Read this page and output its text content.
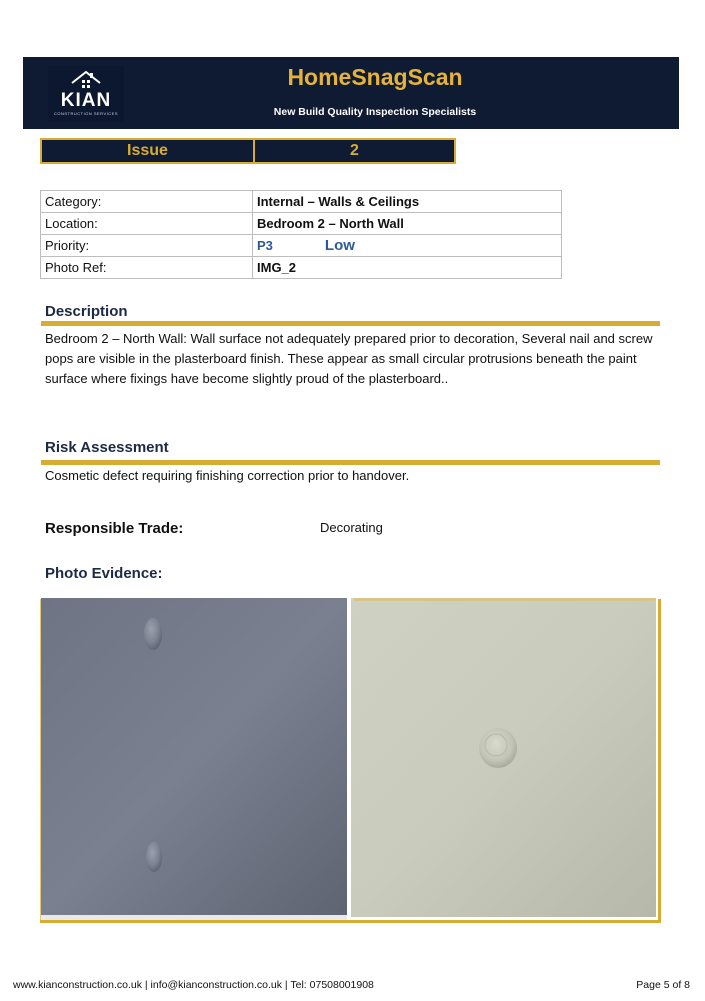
KIAN
CONSTRUCTION SERVICES
HomeSnagScan
New Build Quality Inspection Specialists
Issue	2
Category:	Internal – Walls & Ceilings
Location:	Bedroom 2 – North Wall
Priority:	P3 Low
Photo Ref:	IMG_2
Description
Bedroom 2 – North Wall: Wall surface not adequately prepared prior to decoration, Several nail and screw pops are visible in the plasterboard finish. These appear as small circular protrusions beneath the paint surface where fixings have become slightly proud of the plasterboard..
Risk Assessment
Cosmetic defect requiring finishing correction prior to handover.
Responsible Trade:	Decorating
Photo Evidence:
www.kianconstruction.co.uk | info@kianconstruction.co.uk | Tel: 07508001908	Page 5 of 8
